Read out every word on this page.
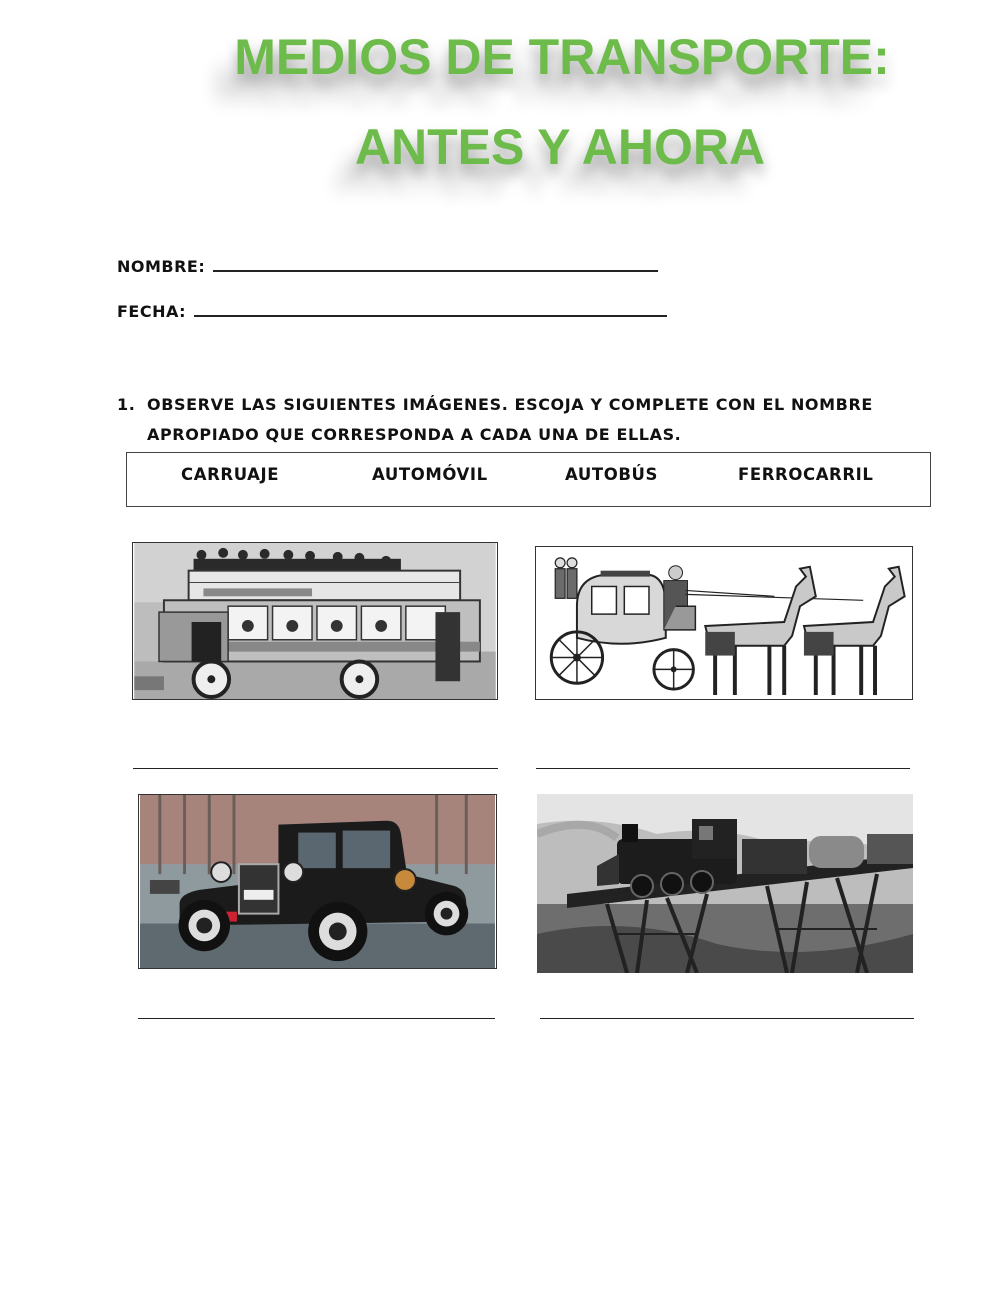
MEDIOS DE TRANSPORTE:
ANTES Y AHORA
NOMBRE:
FECHA:
1. OBSERVE LAS SIGUIENTES IMÁGENES. ESCOJA Y COMPLETE CON EL NOMBRE
APROPIADO QUE CORRESPONDA A CADA UNA DE ELLAS.
CARRUAJE	AUTOMÓVIL	AUTOBÚS	FERROCARRIL
